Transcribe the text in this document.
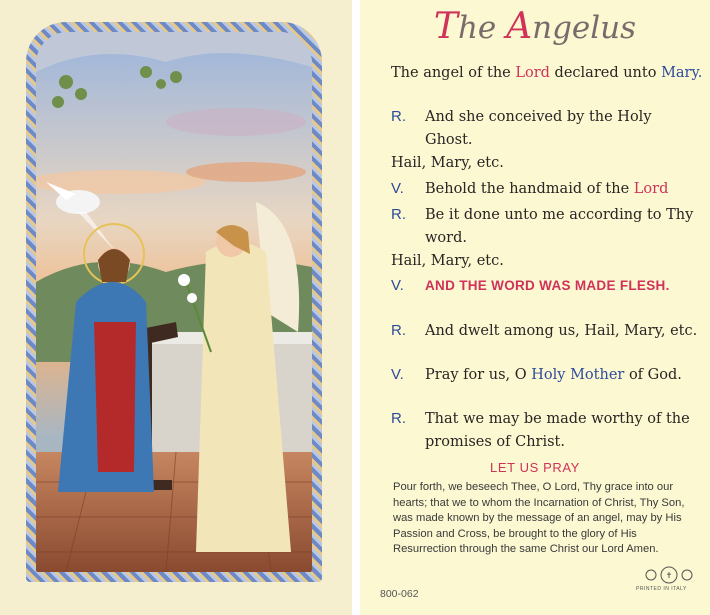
The Angelus
The angel of the Lord declared unto Mary.
R. And she conceived by the Holy Ghost.
Hail, Mary, etc.
V. Behold the handmaid of the Lord
R. Be it done unto me according to Thy word.
Hail, Mary, etc.
V. AND THE WORD WAS MADE FLESH.
R. And dwelt among us, Hail, Mary, etc.
V. Pray for us, O Holy Mother of God.
R. That we may be made worthy of the promises of Christ.
LET US PRAY
Pour forth, we beseech Thee, O Lord, Thy grace into our hearts; that we to whom the Incarnation of Christ, Thy Son, was made known by the message of an angel, may by His Passion and Cross, be brought to the glory of His Resurrection through the same Christ our Lord Amen.
800-062
✝
PRINTED IN ITALY
